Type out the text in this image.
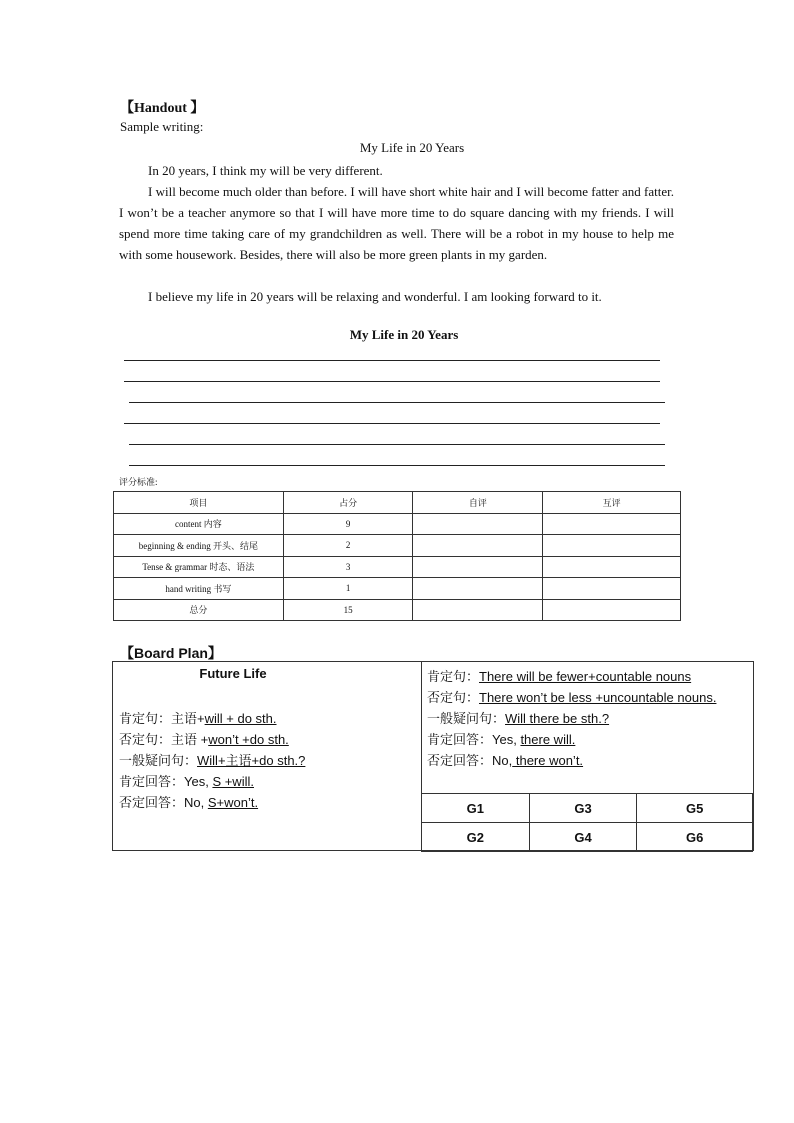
【Handout 】
Sample writing:
My Life in 20 Years
In 20 years, I think my will be very different.
I will become much older than before. I will have short white hair and I will become fatter and fatter. I won’t be a teacher anymore so that I will have more time to do square dancing with my friends. I will spend more time taking care of my grandchildren as well. There will be a robot in my house to help me with some housework. Besides, there will also be more green plants in my garden.
I believe my life in 20 years will be relaxing and wonderful. I am looking forward to it.
My Life in 20 Years
评分标准:
项目	占分	自评	互评
content 内容	9		
beginning & ending 开头、结尾	2		
Tense & grammar 时态、语法	3		
hand writing 书写	1		
总分	15		
【Board Plan】
Future Life
肯定句：主语+will + do sth.
否定句：主语 +won’t +do sth.
一般疑问句：Will+主语+do sth.?
肯定回答：Yes, S +will.
否定回答：No, S+won’t.
肯定句：There will be fewer+countable nouns
否定句：There won’t be less +uncountable nouns.
一般疑问句：Will there be sth.?
肯定回答：Yes, there will.
否定回答：No, there won’t.
G1	G3	G5
G2	G4	G6
